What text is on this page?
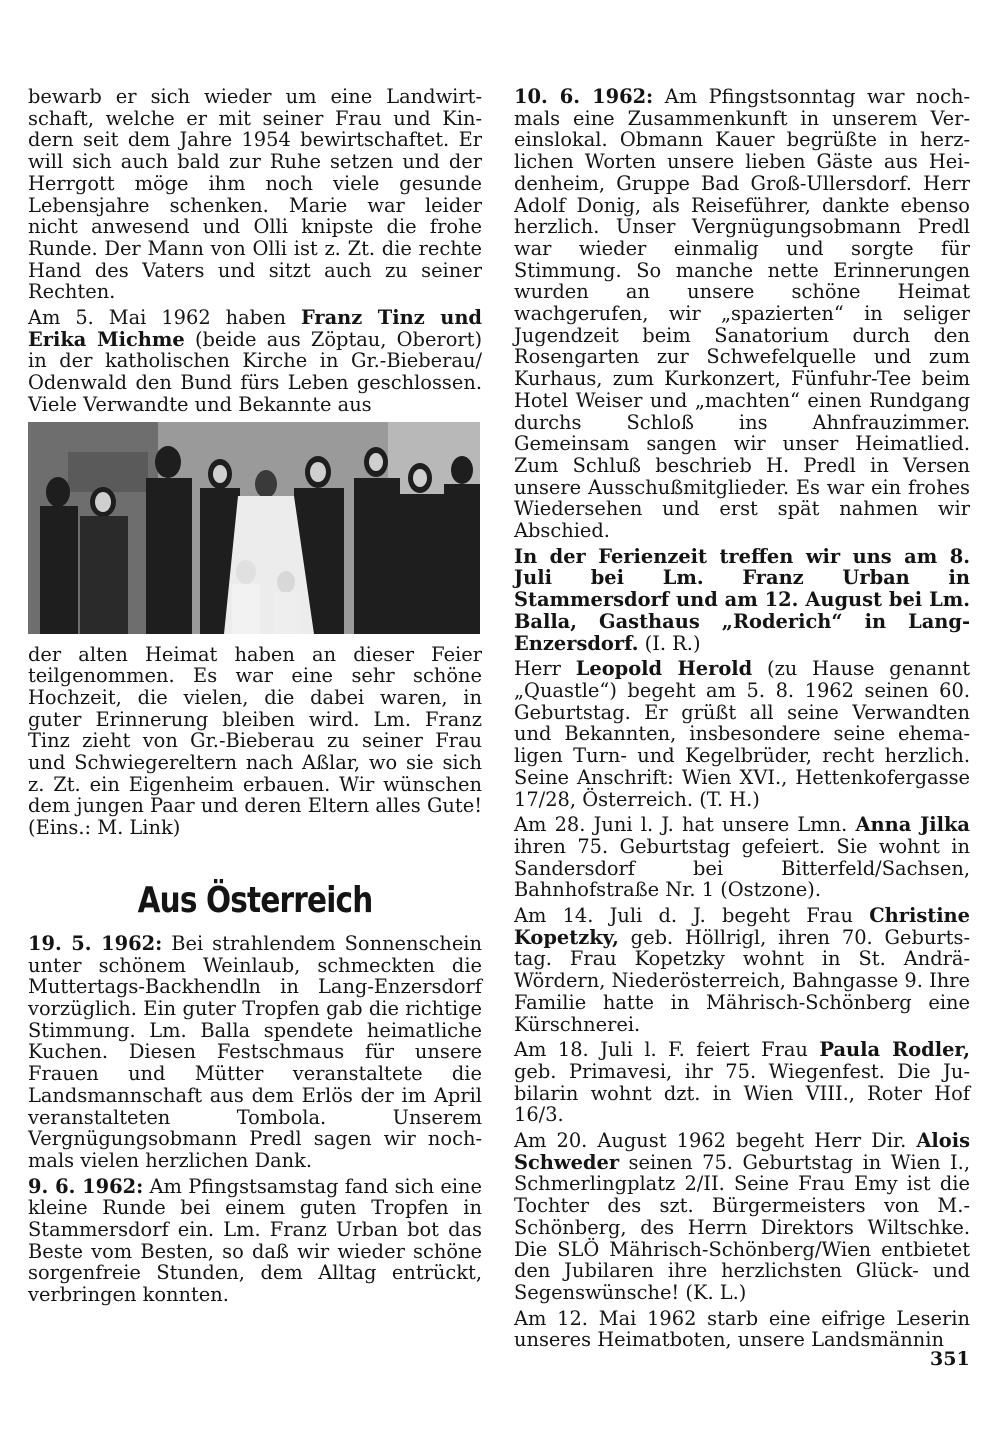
bewarb er sich wieder um eine Landwirtschaft, welche er mit seiner Frau und Kindern seit dem Jahre 1954 bewirtschaftet. Er will sich auch bald zur Ruhe setzen und der Herrgott möge ihm noch viele gesunde Lebensjahre schenken. Marie war leider nicht anwesend und Olli knipste die frohe Runde. Der Mann von Olli ist z. Zt. die rechte Hand des Vaters und sitzt auch zu seiner Rechten.

Am 5. Mai 1962 haben Franz Tinz und Erika Michme (beide aus Zöptau, Oberort) in der katholischen Kirche in Gr.-Bieberau/ Odenwald den Bund fürs Leben geschlossen. Viele Verwandte und Bekannte aus

der alten Heimat haben an dieser Feier teilgenommen. Es war eine sehr schöne Hochzeit, die vielen, die dabei waren, in guter Erinnerung bleiben wird. Lm. Franz Tinz zieht von Gr.-Bieberau zu seiner Frau und Schwiegereltern nach Aßlar, wo sie sich z. Zt. ein Eigenheim erbauen. Wir wünschen dem jungen Paar und deren Eltern alles Gute! (Eins.: M. Link)

Aus Österreich

19. 5. 1962: Bei strahlendem Sonnenschein unter schönem Weinlaub, schmeckten die Muttertags-Backhendln in Lang-Enzersdorf vorzüglich. Ein guter Tropfen gab die richtige Stimmung. Lm. Balla spendete heimatliche Kuchen. Diesen Festschmaus für unsere Frauen und Mütter veranstaltete die Landsmannschaft aus dem Erlös der im April veranstalteten Tombola. Unserem Vergnügungsobmann Predl sagen wir nochmals vielen herzlichen Dank.

9. 6. 1962: Am Pfingstsamstag fand sich eine kleine Runde bei einem guten Tropfen in Stammersdorf ein. Lm. Franz Urban bot das Beste vom Besten, so daß wir wieder schöne sorgenfreie Stunden, dem Alltag entrückt, verbringen konnten.

10. 6. 1962: Am Pfingstsonntag war nochmals eine Zusammenkunft in unserem Vereinslokal. Obmann Kauer begrüßte in herzlichen Worten unsere lieben Gäste aus Heidenheim, Gruppe Bad Groß-Ullersdorf. Herr Adolf Donig, als Reiseführer, dankte ebenso herzlich. Unser Vergnügungsobmann Predl war wieder einmalig und sorgte für Stimmung. So manche nette Erinnerungen wurden an unsere schöne Heimat wachgerufen, wir „spazierten“ in seliger Jugendzeit beim Sanatorium durch den Rosengarten zur Schwefelquelle und zum Kurhaus, zum Kurkonzert, Fünfuhr-Tee beim Hotel Weiser und „machten“ einen Rundgang durchs Schloß ins Ahnfrauzimmer. Gemeinsam sangen wir unser Heimatlied. Zum Schluß beschrieb H. Predl in Versen unsere Ausschußmitglieder. Es war ein frohes Wiedersehen und erst spät nahmen wir Abschied.

In der Ferienzeit treffen wir uns am 8. Juli bei Lm. Franz Urban in Stammersdorf und am 12. August bei Lm. Balla, Gasthaus „Roderich“ in Lang-Enzersdorf. (I. R.)

Herr Leopold Herold (zu Hause genannt „Quastle“) begeht am 5. 8. 1962 seinen 60. Geburtstag. Er grüßt all seine Verwandten und Bekannten, insbesondere seine ehemaligen Turn- und Kegelbrüder, recht herzlich. Seine Anschrift: Wien XVI., Hettenkofergasse 17/28, Österreich. (T. H.)

Am 28. Juni l. J. hat unsere Lmn. Anna Jilka ihren 75. Geburtstag gefeiert. Sie wohnt in Sandersdorf bei Bitterfeld/Sachsen, Bahnhofstraße Nr. 1 (Ostzone).

Am 14. Juli d. J. begeht Frau Christine Kopetzky, geb. Höllrigl, ihren 70. Geburtstag. Frau Kopetzky wohnt in St. Andrä-Wördern, Niederösterreich, Bahngasse 9. Ihre Familie hatte in Mährisch-Schönberg eine Kürschnerei.

Am 18. Juli l. F. feiert Frau Paula Rodler, geb. Primavesi, ihr 75. Wiegenfest. Die Jubilarin wohnt dzt. in Wien VIII., Roter Hof 16/3.

Am 20. August 1962 begeht Herr Dir. Alois Schweder seinen 75. Geburtstag in Wien I., Schmerlingplatz 2/II. Seine Frau Emy ist die Tochter des szt. Bürgermeisters von M.-Schönberg, des Herrn Direktors Wiltschke. Die SLÖ Mährisch-Schönberg/Wien entbietet den Jubilaren ihre herzlichsten Glück- und Segenswünsche! (K. L.)

Am 12. Mai 1962 starb eine eifrige Leserin unseres Heimatboten, unsere Landsmännin

351
